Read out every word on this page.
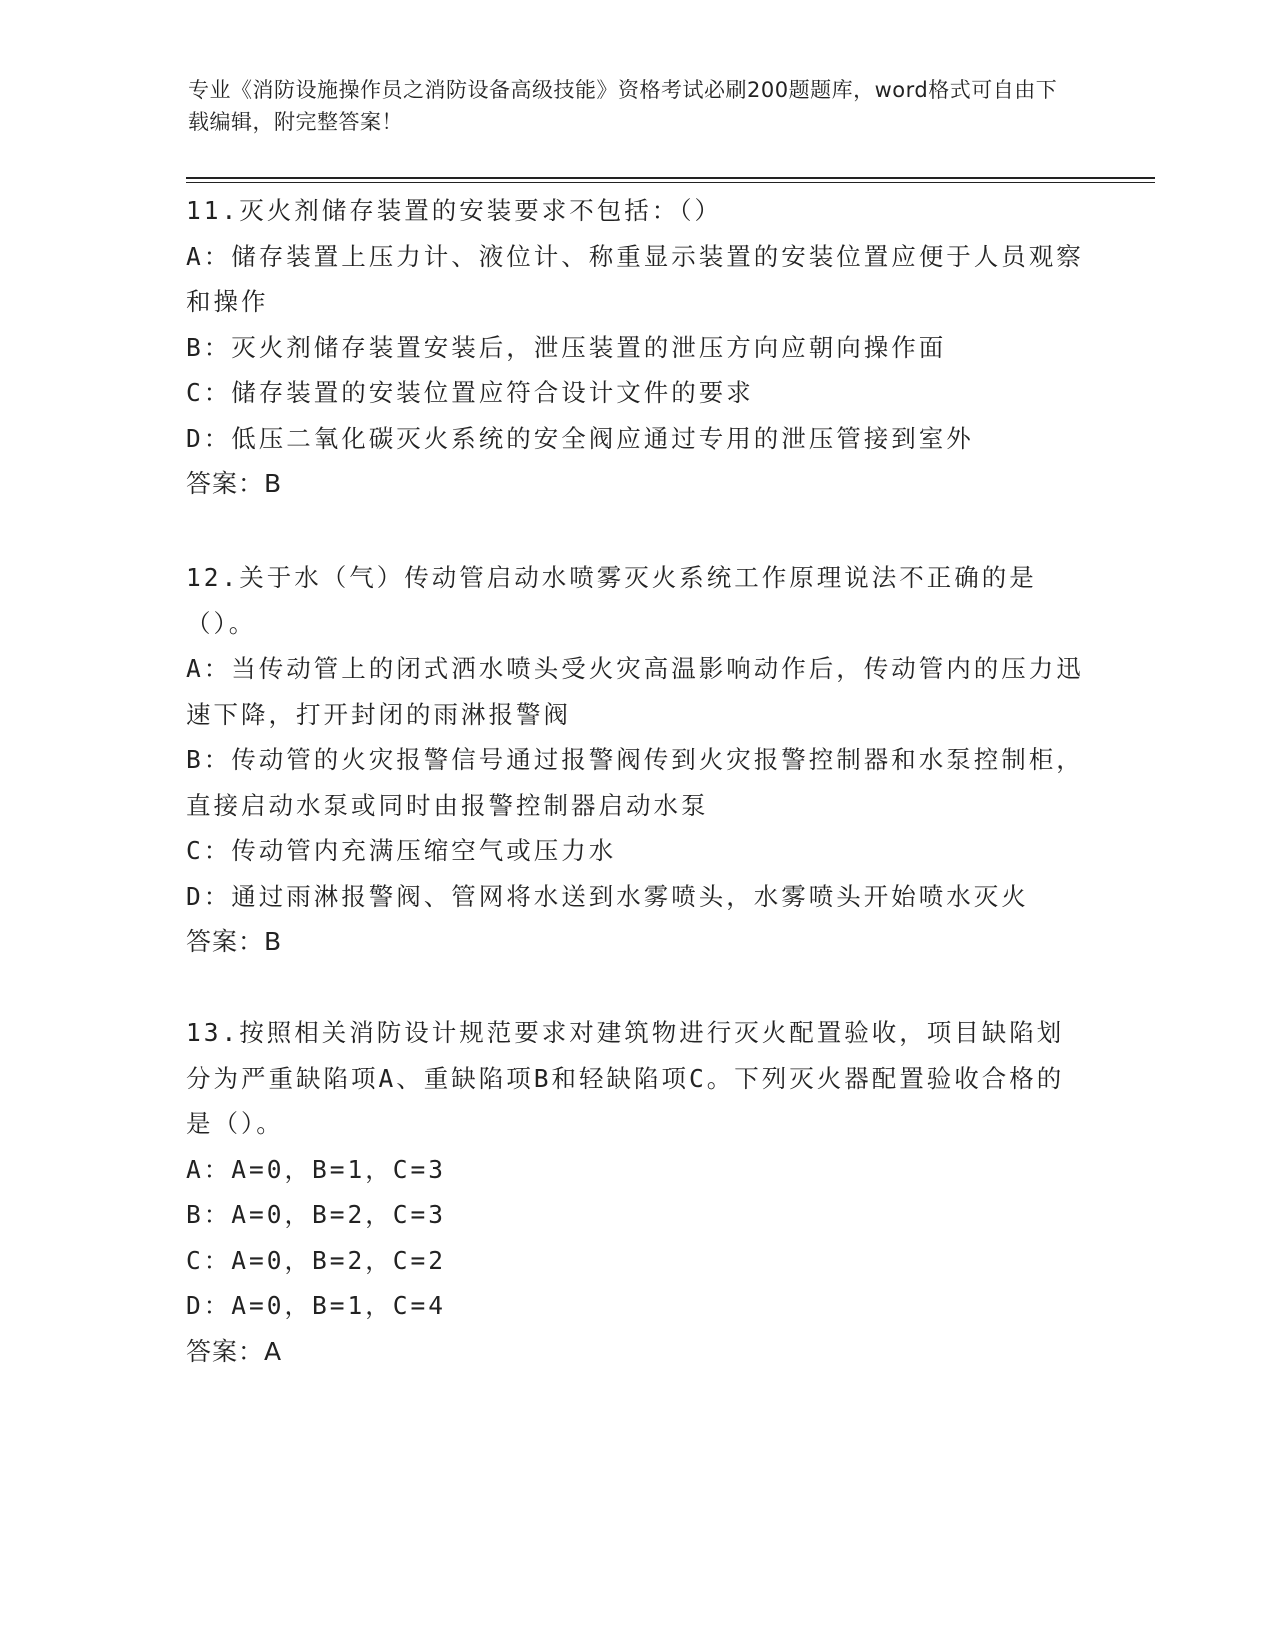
专业《消防设施操作员之消防设备高级技能》资格考试必刷200题题库，word格式可自由下载编辑，附完整答案！
11.灭火剂储存装置的安装要求不包括：（）
A：储存装置上压力计、液位计、称重显示装置的安装位置应便于人员观察和操作
B：灭火剂储存装置安装后，泄压装置的泄压方向应朝向操作面
C：储存装置的安装位置应符合设计文件的要求
D：低压二氧化碳灭火系统的安全阀应通过专用的泄压管接到室外
答案：B
12.关于水（气）传动管启动水喷雾灭火系统工作原理说法不正确的是（）。
A：当传动管上的闭式洒水喷头受火灾高温影响动作后，传动管内的压力迅速下降，打开封闭的雨淋报警阀
B：传动管的火灾报警信号通过报警阀传到火灾报警控制器和水泵控制柜，直接启动水泵或同时由报警控制器启动水泵
C：传动管内充满压缩空气或压力水
D：通过雨淋报警阀、管网将水送到水雾喷头，水雾喷头开始喷水灭火
答案：B
13.按照相关消防设计规范要求对建筑物进行灭火配置验收，项目缺陷划分为严重缺陷项A、重缺陷项B和轻缺陷项C。下列灭火器配置验收合格的是（）。
A：A=0，B=1，C=3
B：A=0，B=2，C=3
C：A=0，B=2，C=2
D：A=0，B=1，C=4
答案：A
